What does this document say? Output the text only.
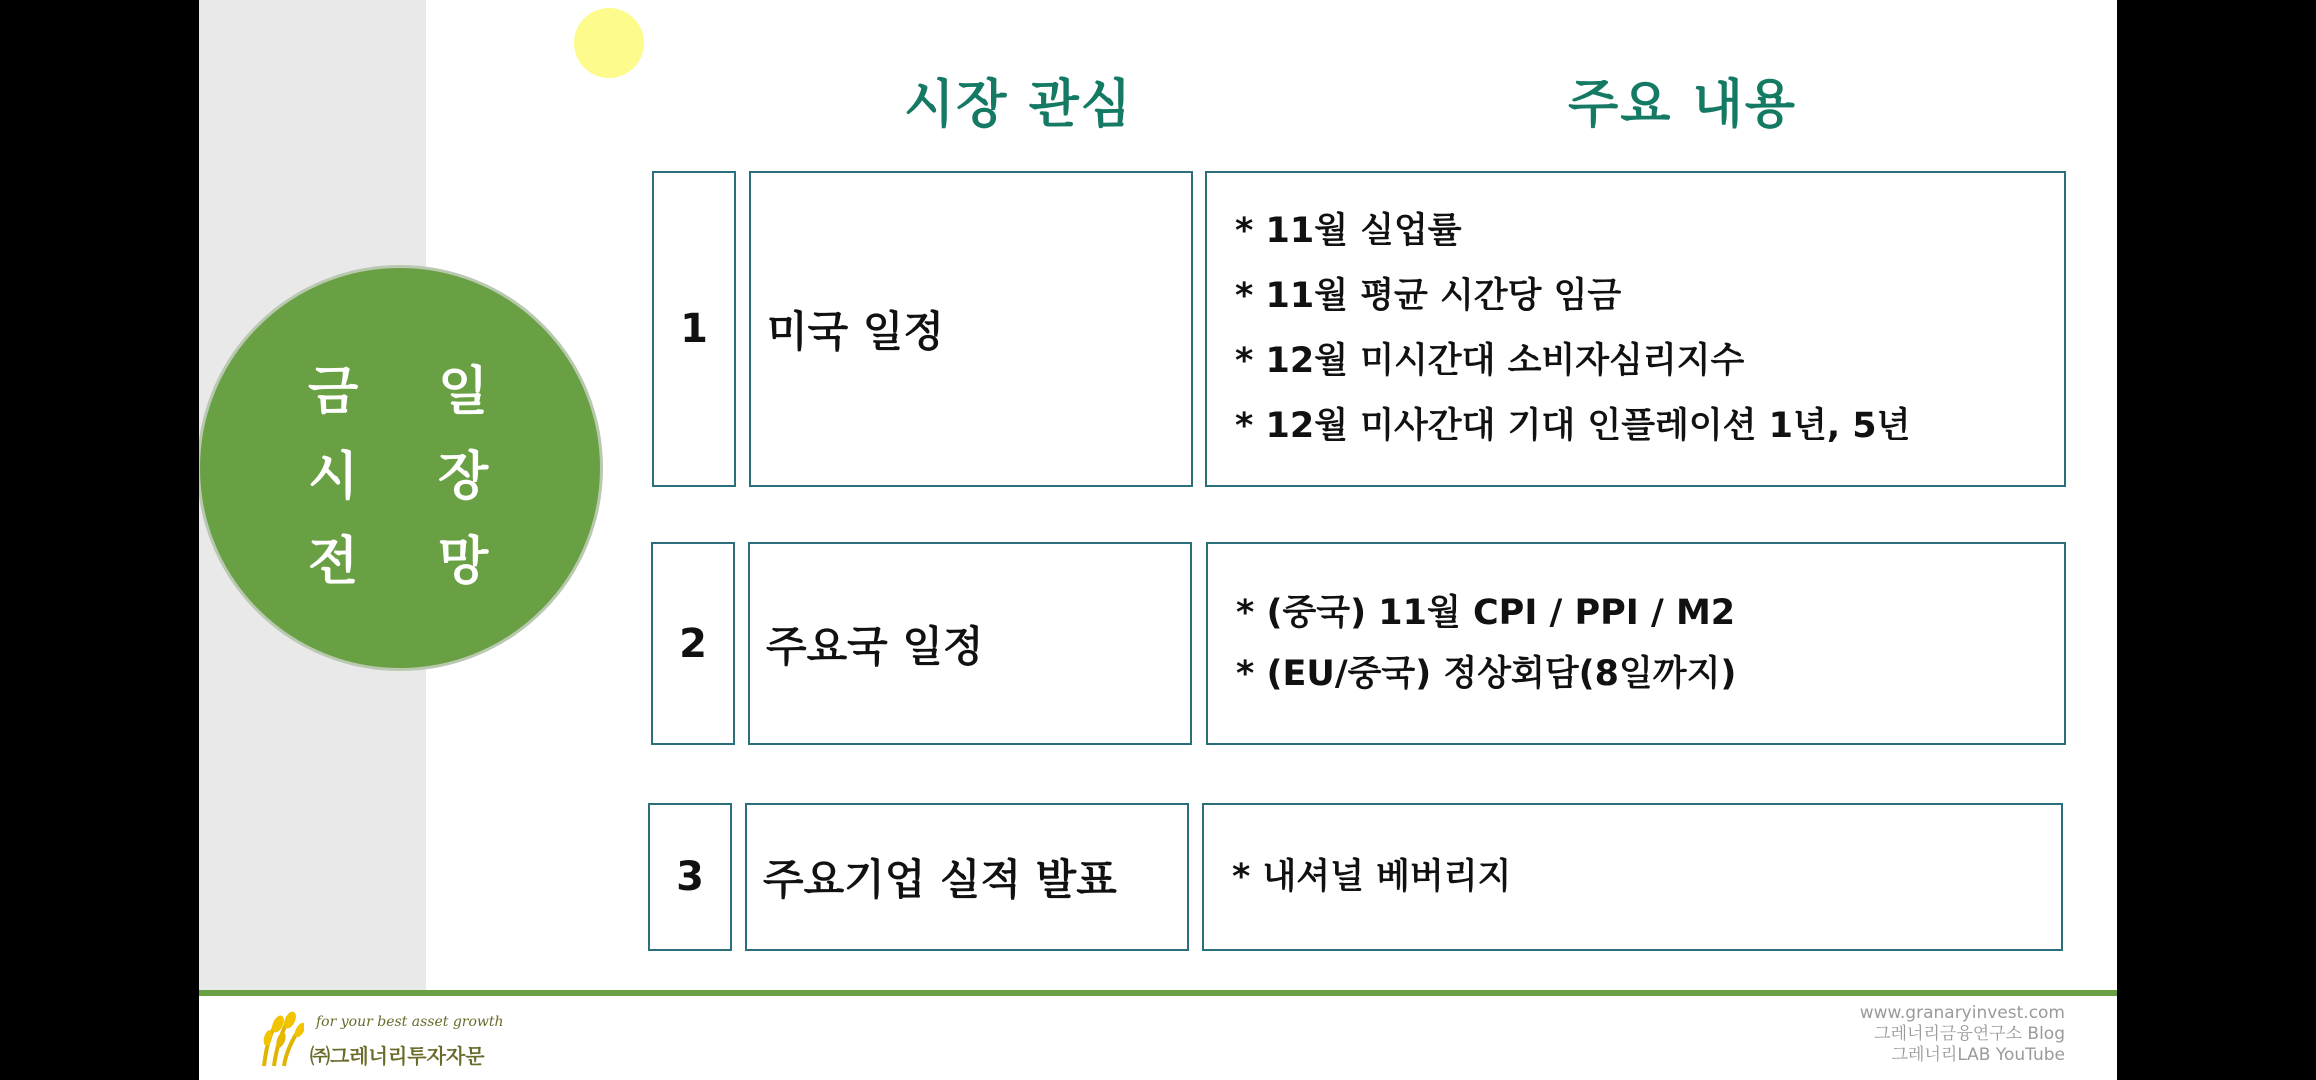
금 일
시 장
전 망
시장 관심	주요 내용
1 미국 일정
* 11월 실업률
* 11월 평균 시간당 임금
* 12월 미시간대 소비자심리지수
* 12월 미사간대 기대 인플레이션 1년, 5년
2 주요국 일정
* (중국) 11월 CPI / PPI / M2
* (EU/중국) 정상회담(8일까지)
3 주요기업 실적 발표	* 내셔널 베버리지
for your best asset growth
㈜그레너리투자자문
www.granaryinvest.com
그레너리금융연구소 Blog
그레너리LAB YouTube
